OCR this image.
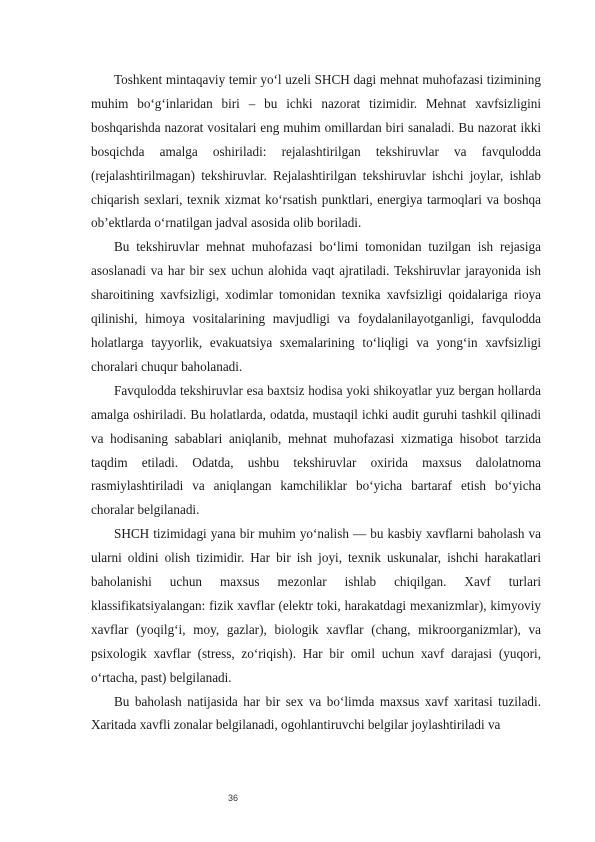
Toshkent mintaqaviy temir yo‘l uzeli SHCH dagi mehnat muhofazasi tizimining muhim bo‘g‘inlaridan biri – bu ichki nazorat tizimidir. Mehnat xavfsizligini boshqarishda nazorat vositalari eng muhim omillardan biri sanaladi. Bu nazorat ikki bosqichda amalga oshiriladi: rejalashtirilgan tekshiruvlar va favqulodda (rejalashtirilmagan) tekshiruvlar. Rejalashtirilgan tekshiruvlar ishchi joylar, ishlab chiqarish sexlari, texnik xizmat ko‘rsatish punktlari, energiya tarmoqlari va boshqa ob’ektlarda o‘rnatilgan jadval asosida olib boriladi.

Bu tekshiruvlar mehnat muhofazasi bo‘limi tomonidan tuzilgan ish rejasiga asoslanadi va har bir sex uchun alohida vaqt ajratiladi. Tekshiruvlar jarayonida ish sharoitining xavfsizligi, xodimlar tomonidan texnika xavfsizligi qoidalariga rioya qilinishi, himoya vositalarining mavjudligi va foydalanilayotganligi, favqulodda holatlarga tayyorlik, evakuatsiya sxemalarining to‘liqligi va yong‘in xavfsizligi choralari chuqur baholanadi.

Favqulodda tekshiruvlar esa baxtsiz hodisa yoki shikoyatlar yuz bergan hollarda amalga oshiriladi. Bu holatlarda, odatda, mustaqil ichki audit guruhi tashkil qilinadi va hodisaning sabablari aniqlanib, mehnat muhofazasi xizmatiga hisobot tarzida taqdim etiladi. Odatda, ushbu tekshiruvlar oxirida maxsus dalolatnoma rasmiylashtiriladi va aniqlangan kamchiliklar bo‘yicha bartaraf etish bo‘yicha choralar belgilanadi.

SHCH tizimidagi yana bir muhim yo‘nalish — bu kasbiy xavflarni baholash va ularni oldini olish tizimidir. Har bir ish joyi, texnik uskunalar, ishchi harakatlari baholanishi uchun maxsus mezonlar ishlab chiqilgan. Xavf turlari klassifikatsiyalangan: fizik xavflar (elektr toki, harakatdagi mexanizmlar), kimyoviy xavflar (yoqilg‘i, moy, gazlar), biologik xavflar (chang, mikroorganizmlar), va psixologik xavflar (stress, zo‘riqish). Har bir omil uchun xavf darajasi (yuqori, o‘rtacha, past) belgilanadi.

Bu baholash natijasida har bir sex va bo‘limda maxsus xavf xaritasi tuziladi. Xaritada xavfli zonalar belgilanadi, ogohlantiruvchi belgilar joylashtiriladi va

36
